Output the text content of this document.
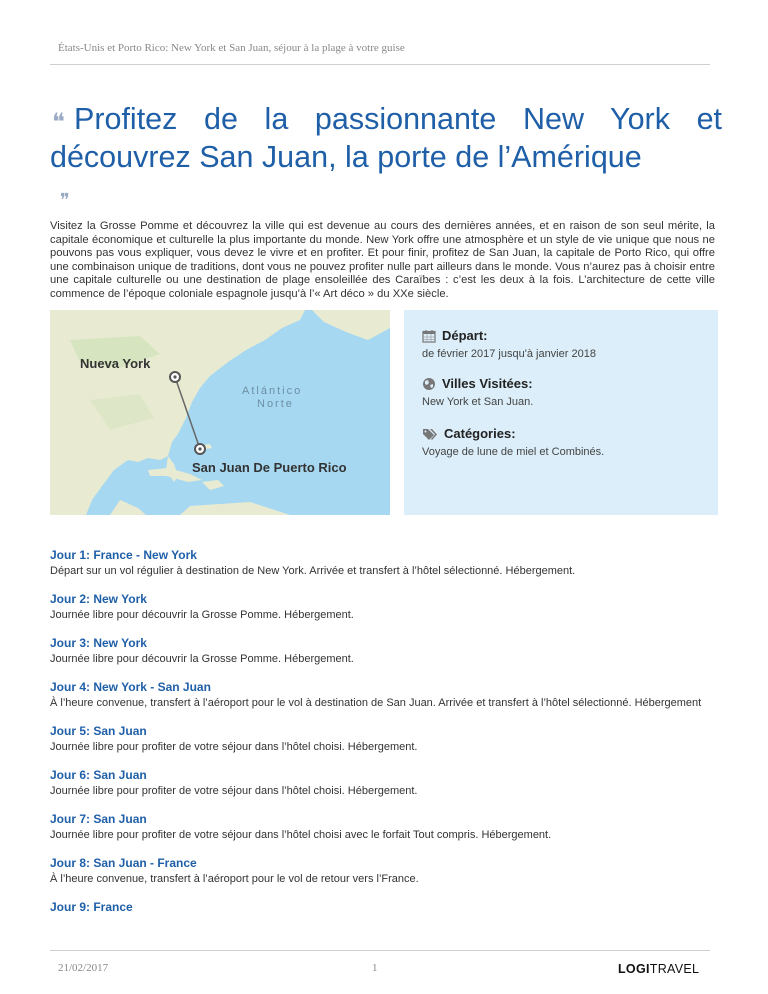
États-Unis et Porto Rico: New York et San Juan, séjour à la plage à votre guise
❝ Profitez de la passionnante New York et découvrez San Juan, la porte de l’Amérique
❞
Visitez la Grosse Pomme et découvrez la ville qui est devenue au cours des dernières années, et en raison de son seul mérite, la capitale économique et culturelle la plus importante du monde. New York offre une atmosphère et un style de vie unique que nous ne pouvons pas vous expliquer, vous devez le vivre et en profiter. Et pour finir, profitez de San Juan, la capitale de Porto Rico, qui offre une combinaison unique de traditions, dont vous ne pouvez profiter nulle part ailleurs dans le monde. Vous n’aurez pas à choisir entre une capitale culturelle ou une destination de plage ensoleillée des Caraïbes : c’est les deux à la fois. L’architecture de cette ville commence de l’époque coloniale espagnole jusqu’à l’« Art déco » du XXe siècle.
Nueva York
Atlántico
Norte
San Juan De Puerto Rico
Départ:
de février 2017 jusqu'à janvier 2018
Villes Visitées:
New York et San Juan.
Catégories:
Voyage de lune de miel et Combinés.
Jour 1: France - New York
Départ sur un vol régulier à destination de New York. Arrivée et transfert à l’hôtel sélectionné. Hébergement.
Jour 2: New York
Journée libre pour découvrir la Grosse Pomme. Hébergement.
Jour 3: New York
Journée libre pour découvrir la Grosse Pomme. Hébergement.
Jour 4: New York - San Juan
À l’heure convenue, transfert à l’aéroport pour le vol à destination de San Juan. Arrivée et transfert à l’hôtel sélectionné. Hébergement
Jour 5: San Juan
Journée libre pour profiter de votre séjour dans l’hôtel choisi. Hébergement.
Jour 6: San Juan
Journée libre pour profiter de votre séjour dans l’hôtel choisi. Hébergement.
Jour 7: San Juan
Journée libre pour profiter de votre séjour dans l’hôtel choisi avec le forfait Tout compris. Hébergement.
Jour 8: San Juan - France
À l’heure convenue, transfert à l’aéroport pour le vol de retour vers l’France.
Jour 9: France
21/02/2017	1	LOGITRAVEL
